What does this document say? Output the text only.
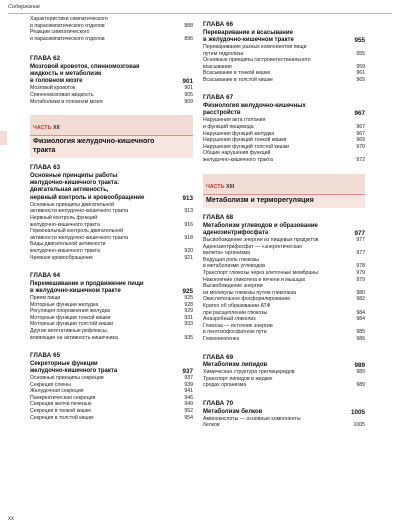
Содержание
Характеристики симпатического
и парасимпатического отделов	888
Реакции симпатического
и парасимпатического отделов	896
ГЛАВА 62
Мозговой кровоток, спинномозговая
жидкость и метаболизм
в головном мозге	901
Мозговой кровоток	901
Спинномозговая жидкость	905
Метаболизм в головном мозге	909
ЧАСТЬ XII
Физиология желудочно-кишечного
тракта
ГЛАВА 63
Основные принципы работы
желудочно-кишечного тракта:
двигательная активность,
нервный контроль и кровообращение	913
Основные принципы двигательной
активности желудочно-кишечного тракта	913
Нервный контроль функций
желудочно-кишечного тракта	916
Гормональный контроль двигательной
активности желудочно-кишечного тракта	918
Виды двигательной активности
желудочно-кишечного тракта	920
Чревное кровообращение	921
ГЛАВА 64
Перемешивание и продвижение пищи
в желудочно-кишечном тракте	925
Прием пищи	925
Моторные функции желудка	928
Регуляция опорожнения желудка	929
Моторные функции тонкой кишки	931
Моторные функции толстой кишки	933
Другие вегетативные рефлексы,
влияющие на активность кишечника	935
ГЛАВА 65
Секреторные функции
желудочно-кишечного тракта	937
Основные принципы секреции	937
Секреция слюны	939
Желудочная секреция	941
Панкреатическая секреция	946
Секреция желчи печенью	949
Секреция в тонкой кишке	952
Секреция в толстой кишке	954
ГЛАВА 66
Переваривание и всасывание
в желудочно-кишечном тракте	955
Переваривание разных компонентов пищи
путем гидролиза	955
Основные принципы гастроинтестинального
всасывания	959
Всасывание в тонкой кишке	961
Всасывание в толстой кишке	965
ГЛАВА 67
Физиология желудочно-кишечных
расстройств	967
Нарушения акта глотания
и функций пищевода	967
Нарушения функций желудка	967
Нарушения функций тонкой кишки	969
Нарушения функций толстой кишки	970
Общие нарушения функций
желудочно-кишечного тракта	972
ЧАСТЬ XIII
Метаболизм и терморегуляция
ГЛАВА 68
Метаболизм углеводов и образование
аденозинтрифосфата	977
Высвобождение энергии из пищевых продуктов	977
Аденозинтрифосфат — «энергетическая
валюта» организма	977
Ведущая роль глюкозы
в метаболизме углеводов	978
Транспорт глюкозы через клеточные мембраны	979
Накопление гликогена в печени и мышцах	979
Высвобождение энергии
из молекулы глюкозы путем гликолиза	980
Окислительное фосфорилирование	982
Кратко об образовании АТФ
при расщеплении глюкозы	984
Анаэробный гликолиз	984
Глюкоза — источник энергии
в пентозофосфатном пути	985
Глюконеогенез	986
ГЛАВА 69
Метаболизм липидов	989
Химическая структура триглицеридов	989
Транспорт липидов в жидких
средах организма	989
ГЛАВА 70
Метаболизм белков	1005
Аминокислоты — основные компоненты
белков	1005
xx
